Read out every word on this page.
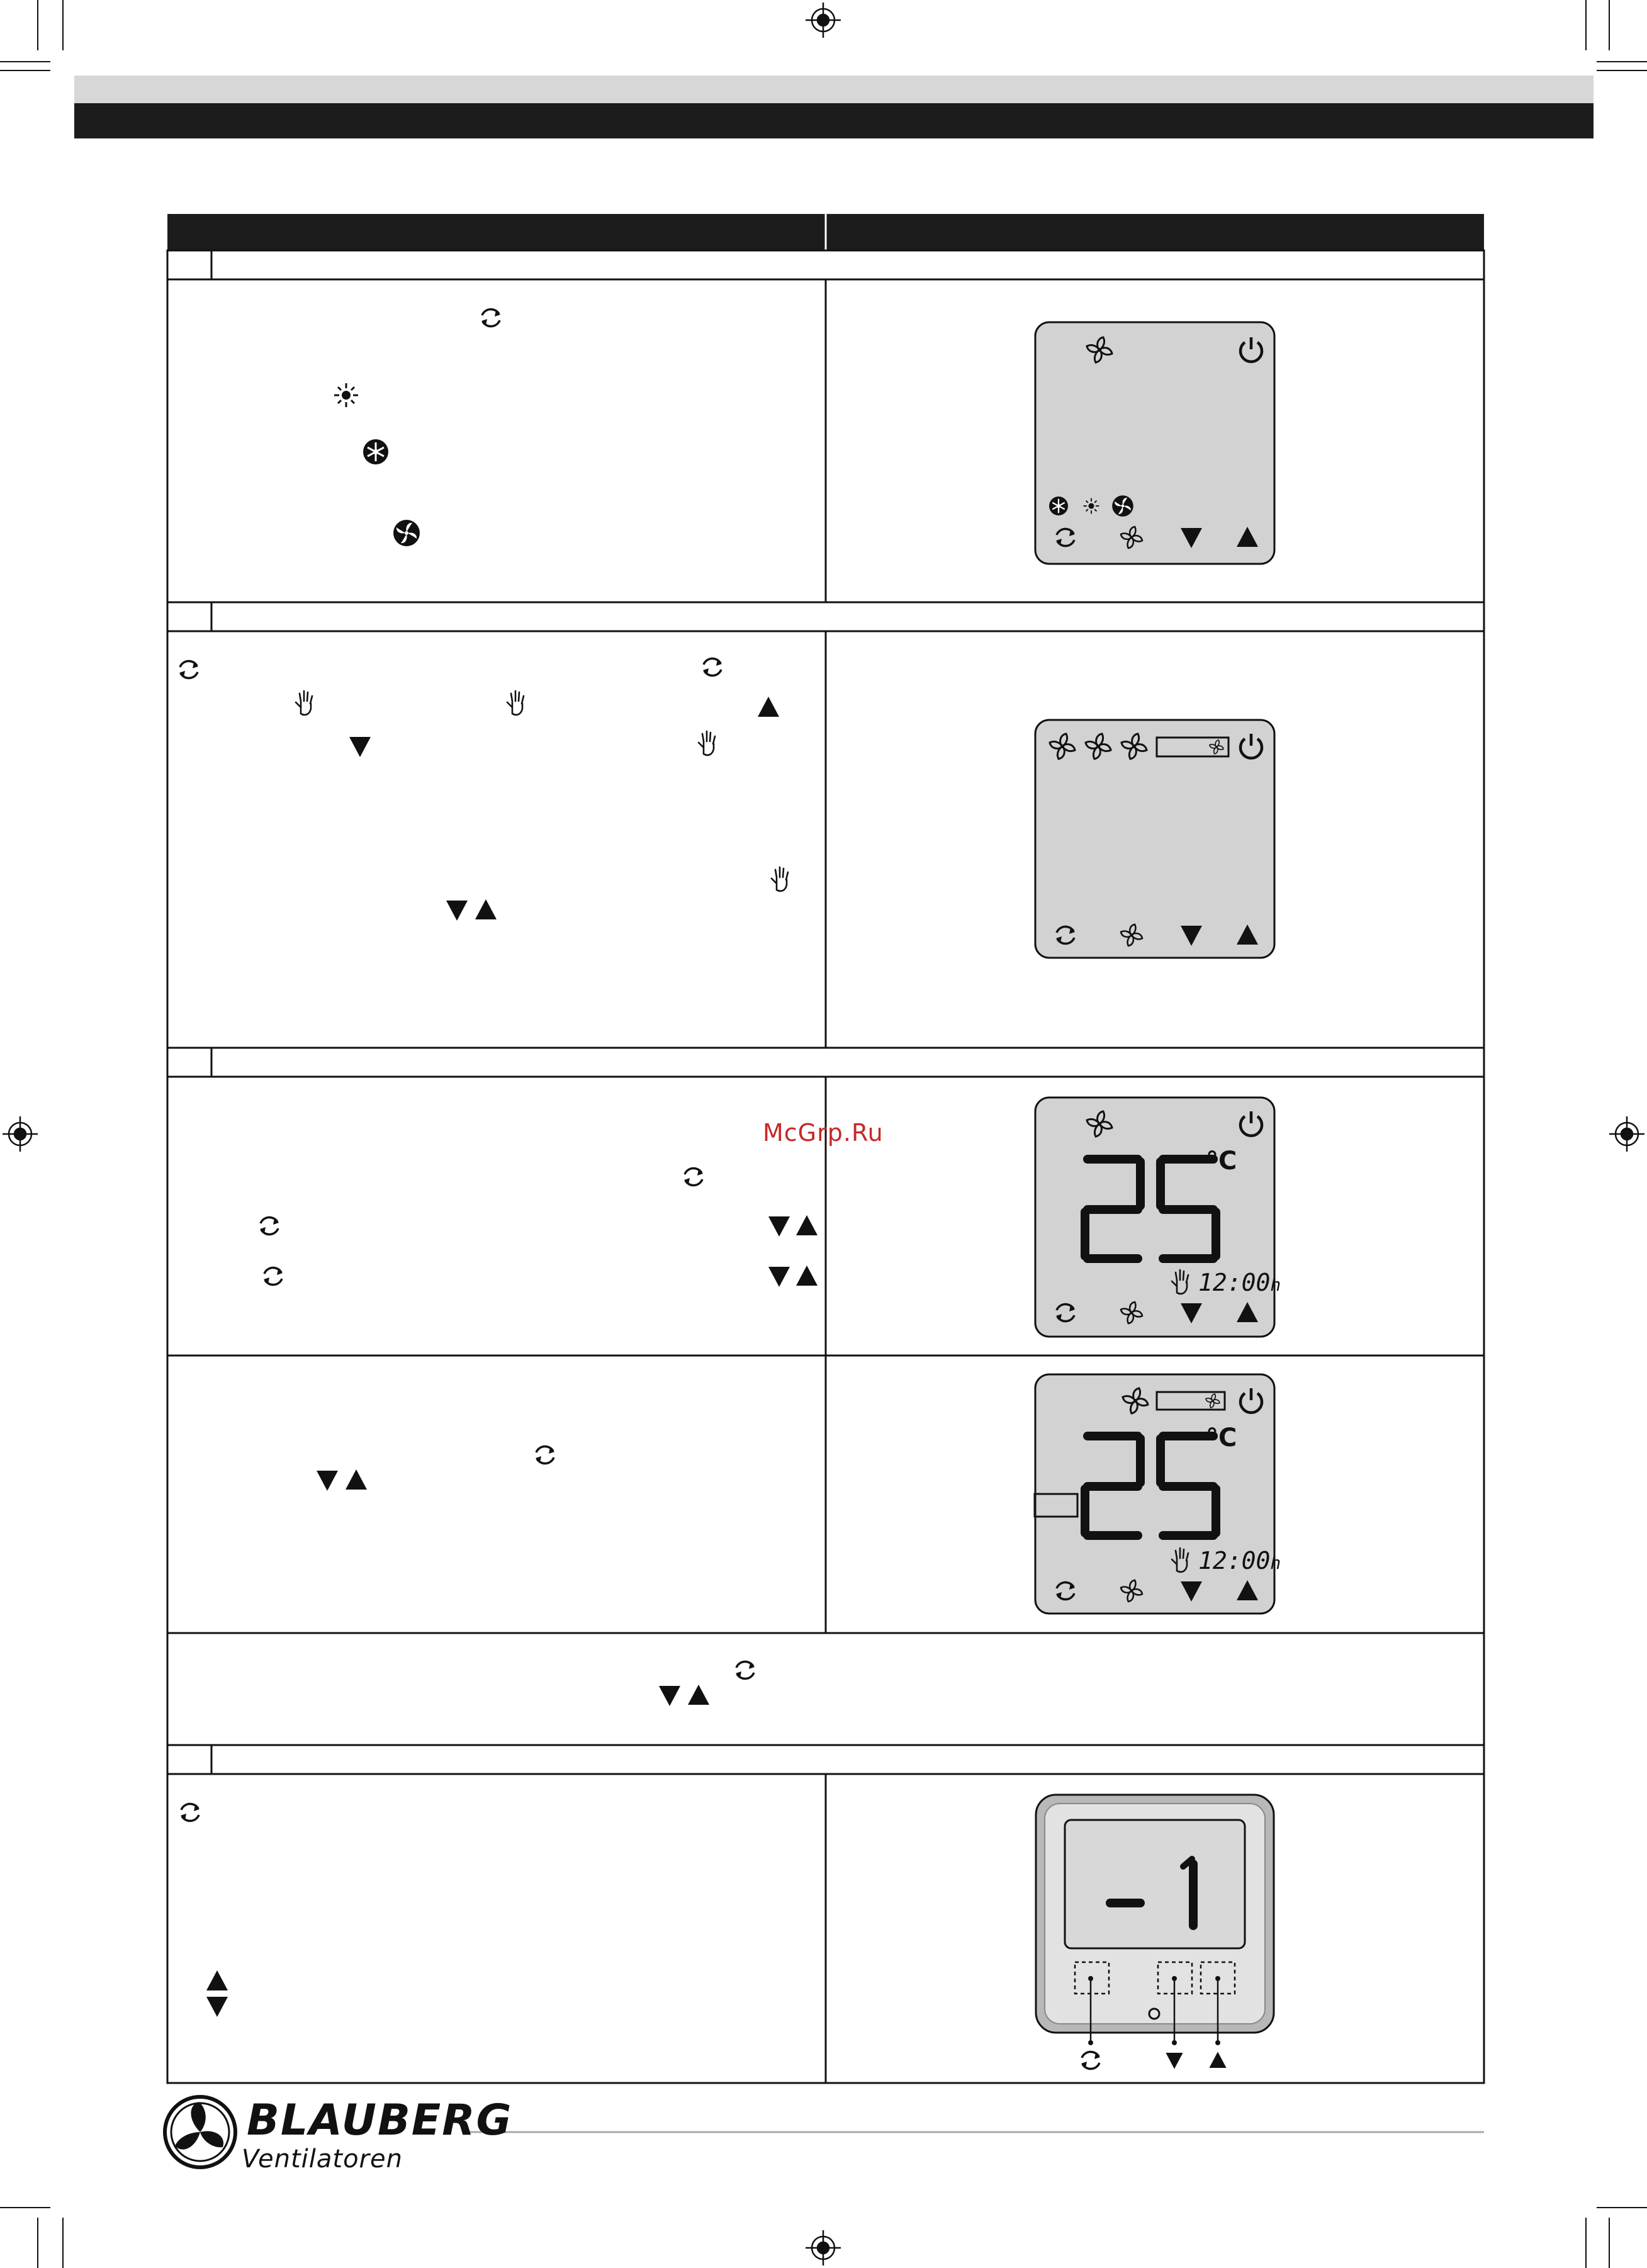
McGrp.Ru
°C
12:00h
°C
12:00h
BLAUBERG
Ventilatoren
